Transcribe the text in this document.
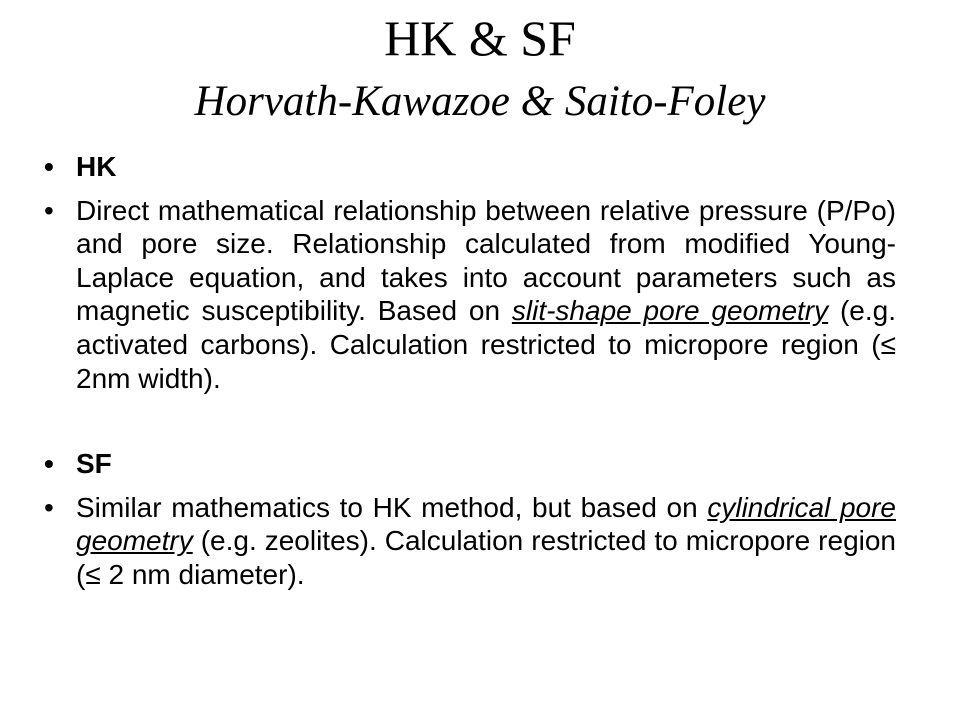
HK & SF
Horvath-Kawazoe & Saito-Foley
• HK
• Direct mathematical relationship between relative pressure (P/Po) and pore size. Relationship calculated from modified Young-Laplace equation, and takes into account parameters such as magnetic susceptibility. Based on slit-shape pore geometry (e.g. activated carbons). Calculation restricted to micropore region (≤ 2nm width).
• SF
• Similar mathematics to HK method, but based on cylindrical pore geometry (e.g. zeolites). Calculation restricted to micropore region (≤ 2 nm diameter).
